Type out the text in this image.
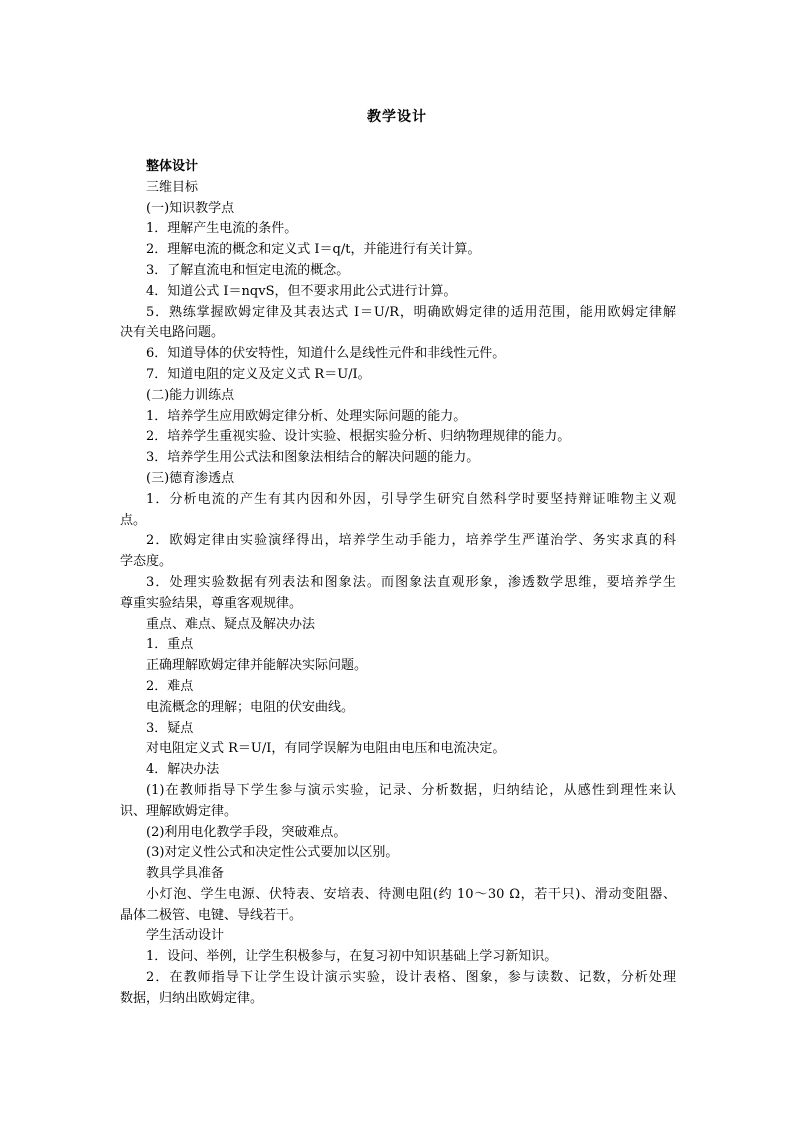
教学设计
整体设计
三维目标
(一)知识教学点
1．理解产生电流的条件。
2．理解电流的概念和定义式 I＝q/t，并能进行有关计算。
3．了解直流电和恒定电流的概念。
4．知道公式 I＝nqvS，但不要求用此公式进行计算。
5．熟练掌握欧姆定律及其表达式 I＝U/R，明确欧姆定律的适用范围，能用欧姆定律解
决有关电路问题。
6．知道导体的伏安特性，知道什么是线性元件和非线性元件。
7．知道电阻的定义及定义式 R＝U/I。
(二)能力训练点
1．培养学生应用欧姆定律分析、处理实际问题的能力。
2．培养学生重视实验、设计实验、根据实验分析、归纳物理规律的能力。
3．培养学生用公式法和图象法相结合的解决问题的能力。
(三)德育渗透点
1．分析电流的产生有其内因和外因，引导学生研究自然科学时要坚持辩证唯物主义观
点。
2．欧姆定律由实验演绎得出，培养学生动手能力，培养学生严谨治学、务实求真的科
学态度。
3．处理实验数据有列表法和图象法。而图象法直观形象，渗透数学思维，要培养学生
尊重实验结果，尊重客观规律。
重点、难点、疑点及解决办法
1．重点
正确理解欧姆定律并能解决实际问题。
2．难点
电流概念的理解；电阻的伏安曲线。
3．疑点
对电阻定义式 R＝U/I，有同学误解为电阻由电压和电流决定。
4．解决办法
(1)在教师指导下学生参与演示实验，记录、分析数据，归纳结论，从感性到理性来认
识、理解欧姆定律。
(2)利用电化教学手段，突破难点。
(3)对定义性公式和决定性公式要加以区别。
教具学具准备
小灯泡、学生电源、伏特表、安培表、待测电阻(约 10～30 Ω，若干只)、滑动变阻器、
晶体二极管、电键、导线若干。
学生活动设计
1．设问、举例，让学生积极参与，在复习初中知识基础上学习新知识。
2．在教师指导下让学生设计演示实验，设计表格、图象，参与读数、记数，分析处理
数据，归纳出欧姆定律。
